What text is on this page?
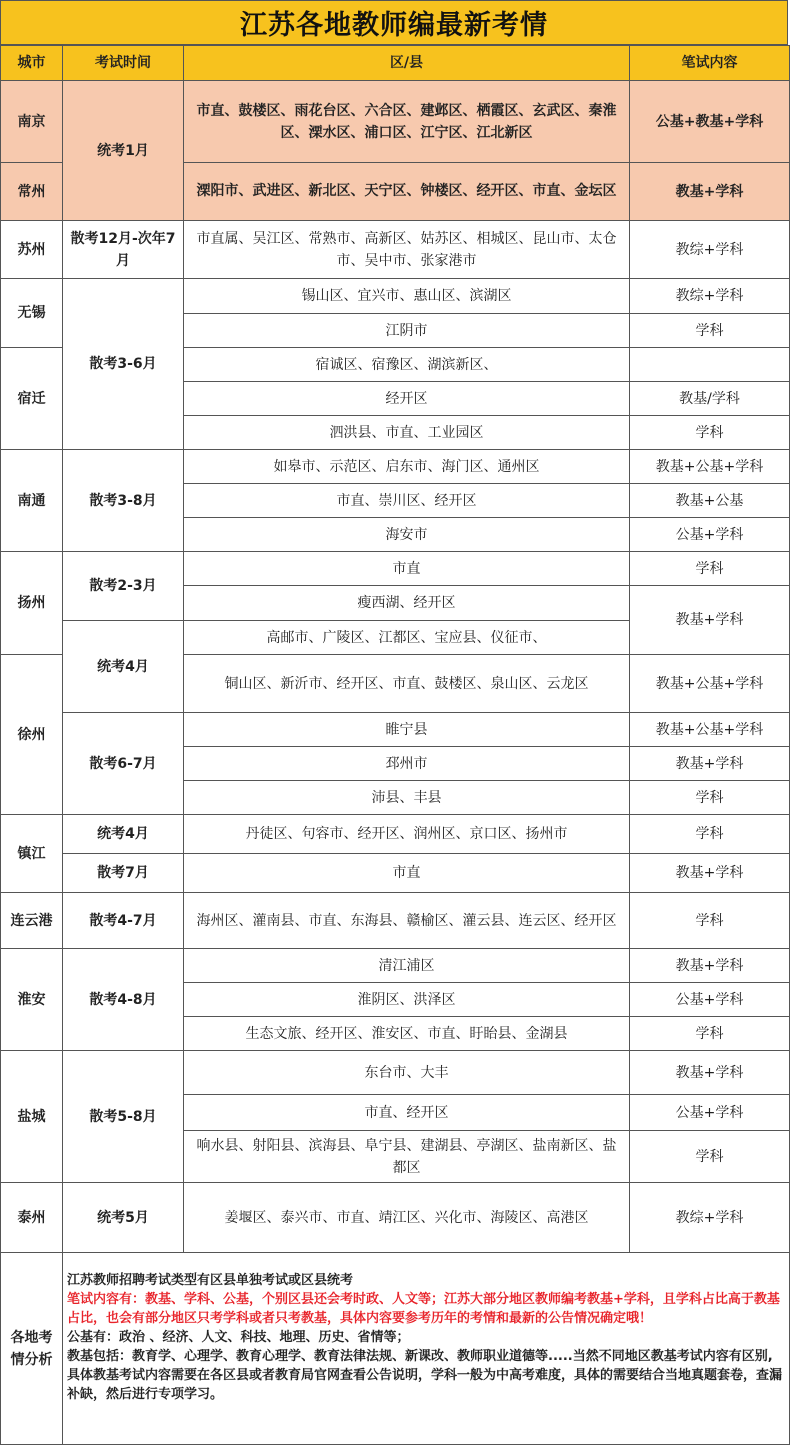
江苏各地教师编最新考情
城市	考试时间	区/县	笔试内容
南京	统考1月	市直、鼓楼区、雨花台区、六合区、建邺区、栖霞区、玄武区、秦淮区、溧水区、浦口区、江宁区、江北新区	公基+教基+学科
常州		溧阳市、武进区、新北区、天宁区、钟楼区、经开区、市直、金坛区	教基+学科
苏州	散考12月-次年7月	市直属、吴江区、常熟市、高新区、姑苏区、相城区、昆山市、太仓市、吴中市、张家港市	教综+学科
无锡	散考3-6月	锡山区、宜兴市、惠山区、滨湖区	教综+学科
		江阴市	学科
宿迁		宿诚区、宿豫区、湖滨新区、	
		经开区	教基/学科
		泗洪县、市直、工业园区	学科
南通	散考3-8月	如皋市、示范区、启东市、海门区、通州区	教基+公基+学科
		市直、崇川区、经开区	教基+公基
		海安市	公基+学科
扬州	散考2-3月	市直	学科
		瘦西湖、经开区	教基+学科
	统考4月	高邮市、广陵区、江都区、宝应县、仪征市、	
徐州		铜山区、新沂市、经开区、市直、鼓楼区、泉山区、云龙区	教基+公基+学科
	散考6-7月	睢宁县	教基+公基+学科
		邳州市	教基+学科
		沛县、丰县	学科
镇江	统考4月	丹徒区、句容市、经开区、润州区、京口区、扬州市	学科
	散考7月	市直	教基+学科
连云港	散考4-7月	海州区、灌南县、市直、东海县、赣榆区、灌云县、连云区、经开区	学科
淮安	散考4-8月	清江浦区	教基+学科
		淮阴区、洪泽区	公基+学科
		生态文旅、经开区、淮安区、市直、盱眙县、金湖县	学科
盐城	散考5-8月	东台市、大丰	教基+学科
		市直、经开区	公基+学科
		响水县、射阳县、滨海县、阜宁县、建湖县、亭湖区、盐南新区、盐都区	学科
泰州	统考5月	姜堰区、泰兴市、市直、靖江区、兴化市、海陵区、高港区	教综+学科
各地考情分析	江苏教师招聘考试类型有区县单独考试或区县统考

笔试内容有：教基、学科、公基，个别区县还会考时政、人文等；江苏大部分地区教师编考教基+学科，且学科占比高于教基占比，也会有部分地区只考学科或者只考教基，具体内容要参考历年的考情和最新的公告情况确定哦！

公基有：政治 、经济、人文、科技、地理、历史、省情等；

教基包括：教育学、心理学、教育心理学、教育法律法规、新课改、教师职业道德等.....当然不同地区教基考试内容有区别,具体教基考试内容需要在各区县或者教育局官网查看公告说明，学科一般为中高考难度，具体的需要结合当地真题套卷，查漏补缺，然后进行专项学习。		
